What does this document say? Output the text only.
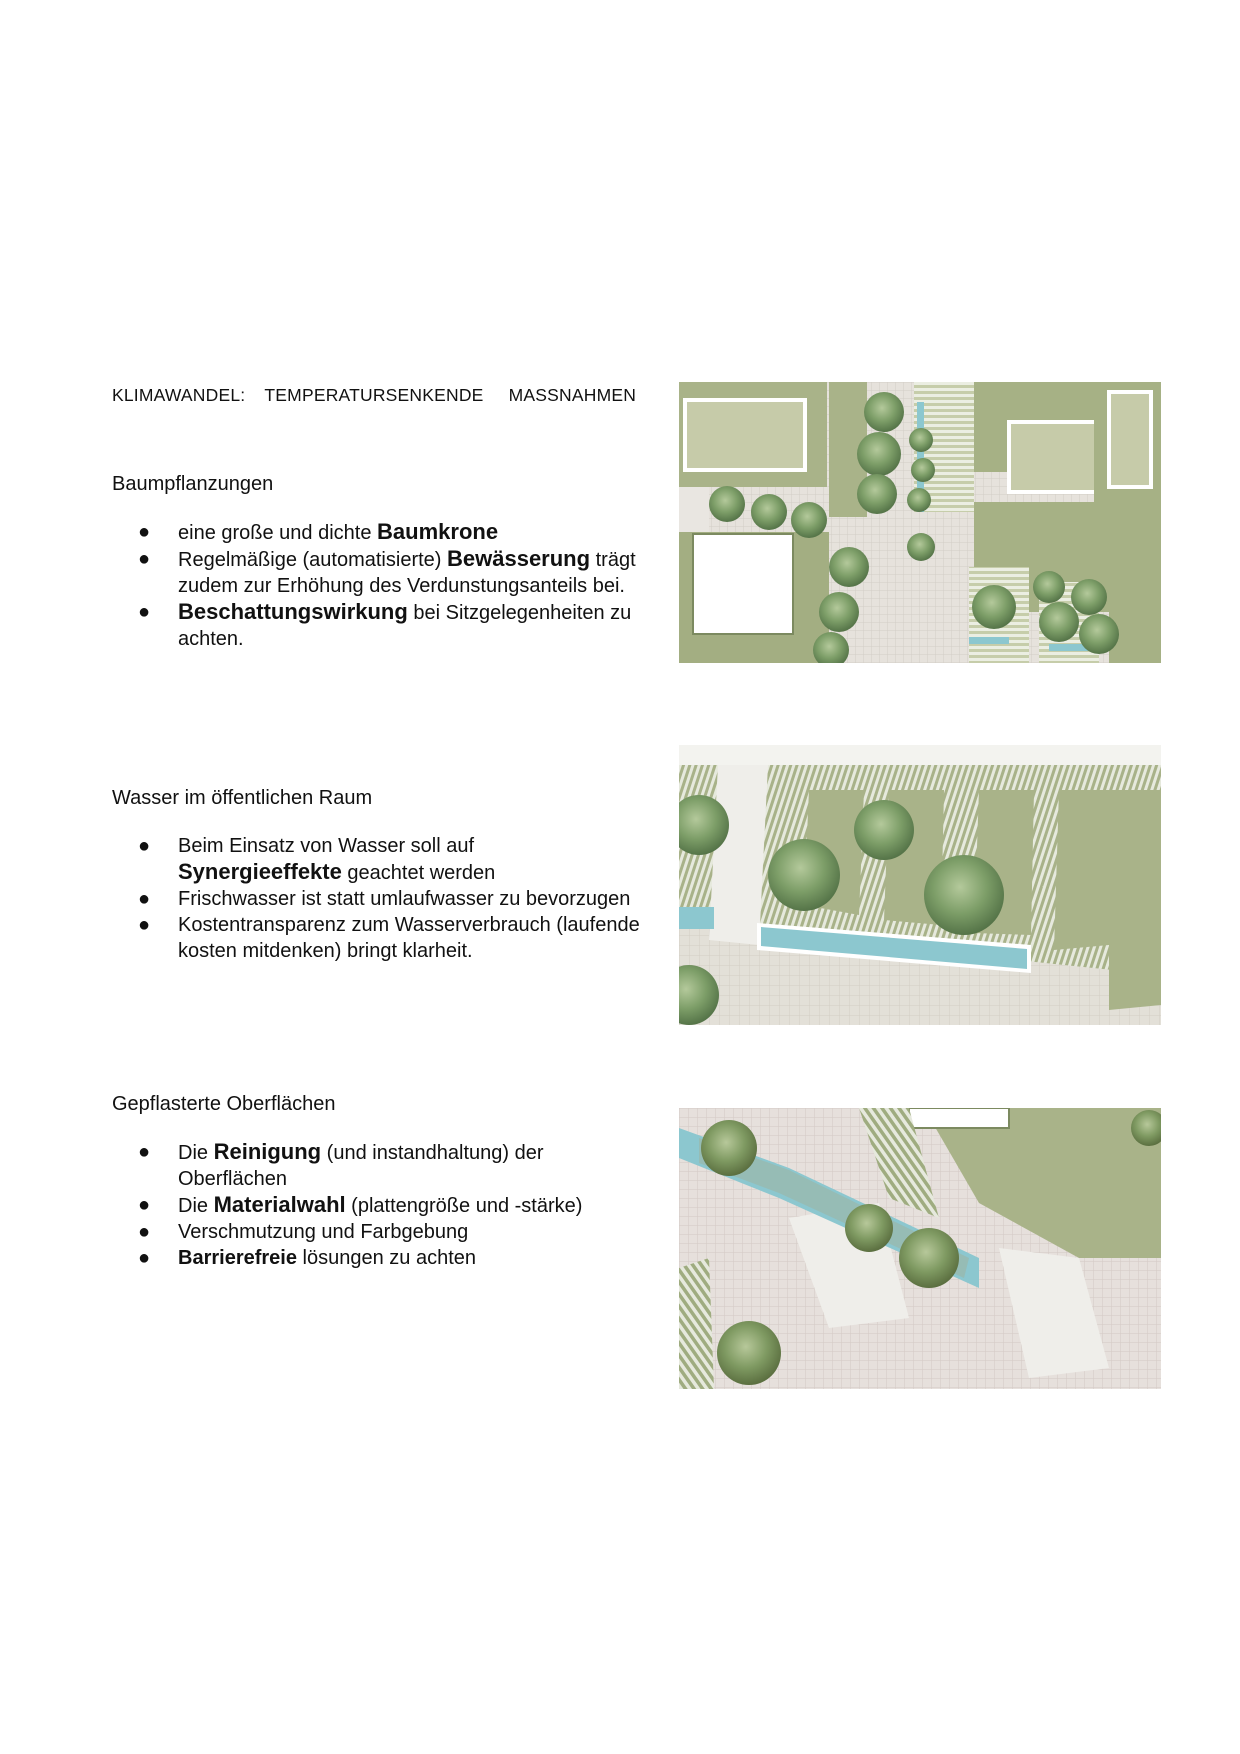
KLIMAWANDEL: TEMPERATURSENKENDE MASSNAHMEN
Baumpflanzungen
● eine große und dichte Baumkrone
● Regelmäßige (automatisierte) Bewässerung trägt zudem zur Erhöhung des Verdunstungsanteils bei.
● Beschattungswirkung bei Sitzgelegenheiten zu achten.
Wasser im öffentlichen Raum
● Beim Einsatz von Wasser soll auf Synergieeffekte geachtet werden
● Frischwasser ist statt umlaufwasser zu bevorzugen
● Kostentransparenz zum Wasserverbrauch (laufende kosten mitdenken) bringt klarheit.
Gepflasterte Oberflächen
● Die Reinigung (und instandhaltung) der Oberflächen
● Die Materialwahl (plattengröße und -stärke)
● Verschmutzung und Farbgebung
● Barrierefreie lösungen zu achten
